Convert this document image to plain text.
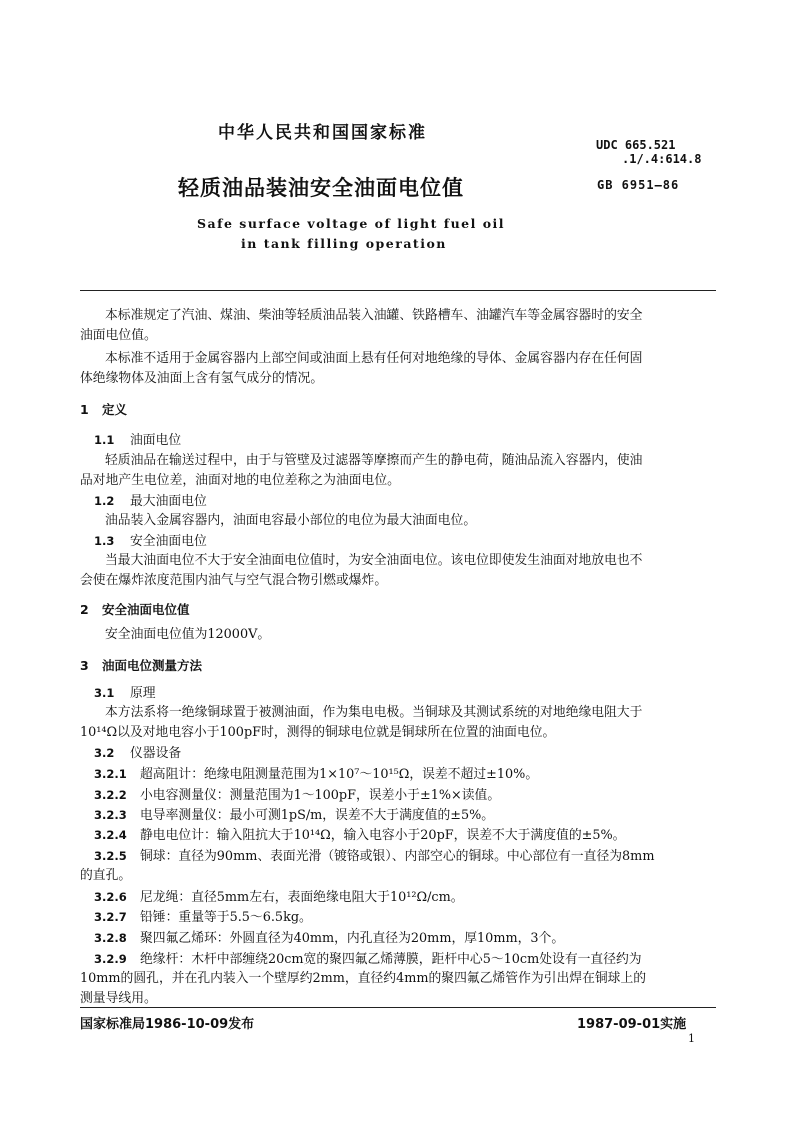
中华人民共和国国家标准
UDC 665.521
.1/.4:614.8
轻质油品装油安全油面电位值	GB 6951—86
Safe surface voltage of light fuel oil
in tank filling operation
本标准规定了汽油、煤油、柴油等轻质油品装入油罐、铁路槽车、油罐汽车等金属容器时的安全
油面电位值。
本标准不适用于金属容器内上部空间或油面上悬有任何对地绝缘的导体、金属容器内存在任何固
体绝缘物体及油面上含有氢气成分的情况。
1 定义
1.1 油面电位
轻质油品在输送过程中，由于与管壁及过滤器等摩擦而产生的静电荷，随油品流入容器内，使油
品对地产生电位差，油面对地的电位差称之为油面电位。
1.2 最大油面电位
油品装入金属容器内，油面电容最小部位的电位为最大油面电位。
1.3 安全油面电位
当最大油面电位不大于安全油面电位值时，为安全油面电位。该电位即使发生油面对地放电也不
会使在爆炸浓度范围内油气与空气混合物引燃或爆炸。
2 安全油面电位值
安全油面电位值为12000V。
3 油面电位测量方法
3.1 原理
本方法系将一绝缘铜球置于被测油面，作为集电电极。当铜球及其测试系统的对地绝缘电阻大于
10¹⁴Ω以及对地电容小于100pF时，测得的铜球电位就是铜球所在位置的油面电位。
3.2 仪器设备
3.2.1 超高阻计：绝缘电阻测量范围为1×10⁷～10¹⁵Ω，误差不超过±10%。
3.2.2 小电容测量仪：测量范围为1～100pF，误差小于±1%×读值。
3.2.3 电导率测量仪：最小可测1pS/m，误差不大于满度值的±5%。
3.2.4 静电电位计：输入阻抗大于10¹⁴Ω，输入电容小于20pF，误差不大于满度值的±5%。
3.2.5 铜球：直径为90mm、表面光滑（镀铬或银）、内部空心的铜球。中心部位有一直径为8mm
的直孔。
3.2.6 尼龙绳：直径5mm左右，表面绝缘电阻大于10¹²Ω/cm。
3.2.7 铅锤：重量等于5.5～6.5kg。
3.2.8 聚四氟乙烯环：外圆直径为40mm，内孔直径为20mm，厚10mm，3个。
3.2.9 绝缘杆：木杆中部缠绕20cm宽的聚四氟乙烯薄膜，距杆中心5～10cm处设有一直径约为
10mm的圆孔，并在孔内装入一个壁厚约2mm，直径约4mm的聚四氟乙烯管作为引出焊在铜球上的
测量导线用。
国家标准局1986-10-09发布	1987-09-01实施
1
